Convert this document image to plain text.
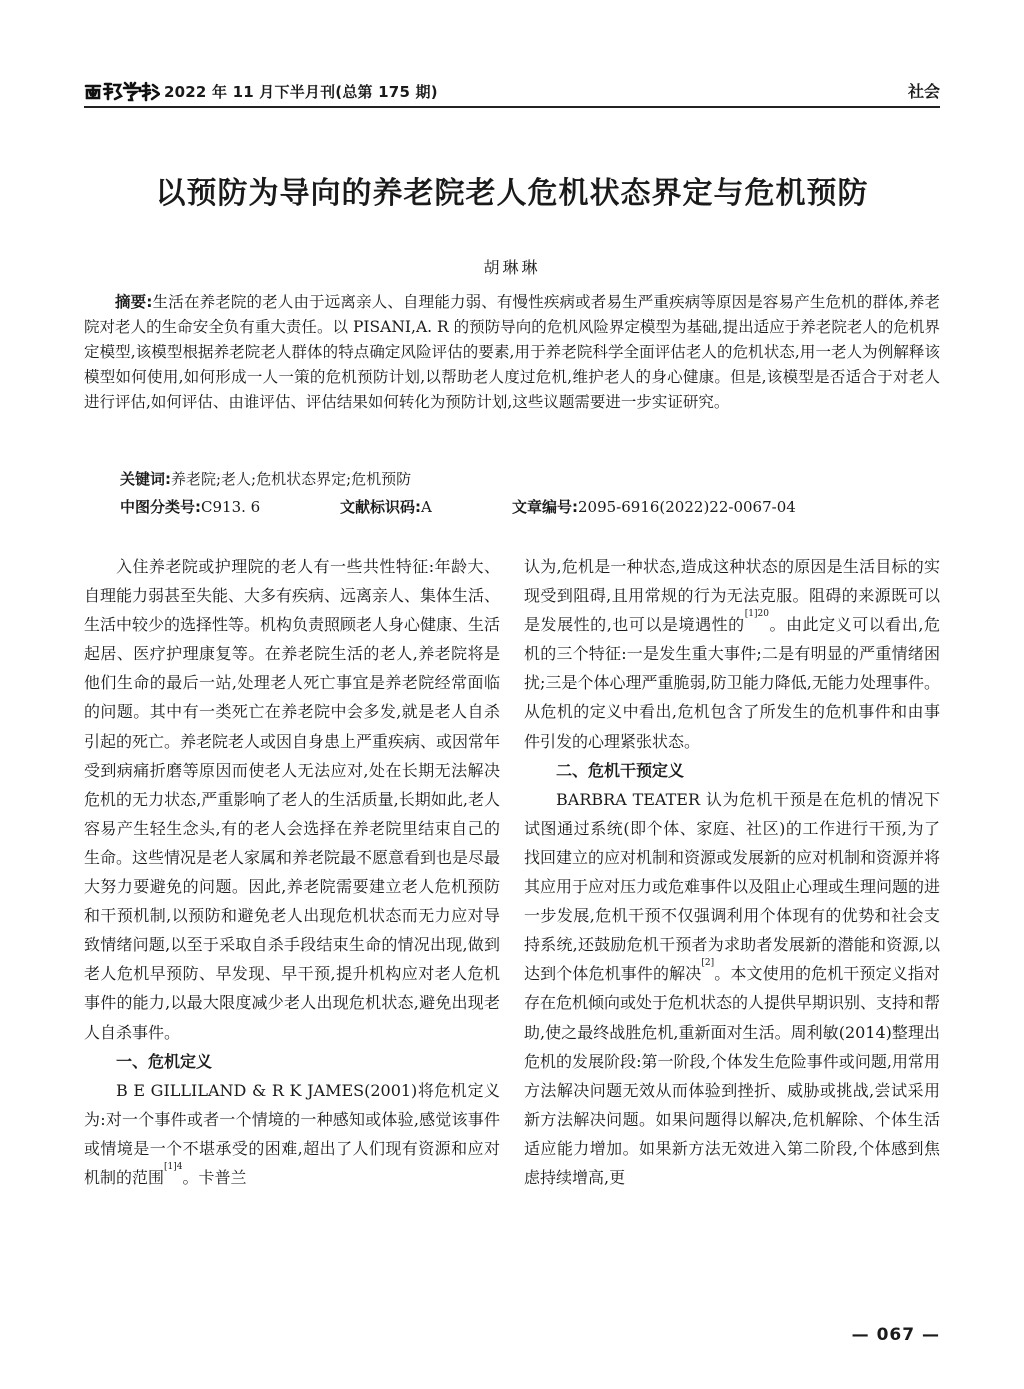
2022 年 11 月下半月刊(总第 175 期)	社会
以预防为导向的养老院老人危机状态界定与危机预防
胡琳琳

摘要:生活在养老院的老人由于远离亲人、自理能力弱、有慢性疾病或者易生严重疾病等原因是容易产生危机的群体,养老院对老人的生命安全负有重大责任。以 PISANI,A. R 的预防导向的危机风险界定模型为基础,提出适应于养老院老人的危机界定模型,该模型根据养老院老人群体的特点确定风险评估的要素,用于养老院科学全面评估老人的危机状态,用一老人为例解释该模型如何使用,如何形成一人一策的危机预防计划,以帮助老人度过危机,维护老人的身心健康。但是,该模型是否适合于对老人进行评估,如何评估、由谁评估、评估结果如何转化为预防计划,这些议题需要进一步实证研究。

关键词:养老院;老人;危机状态界定;危机预防
中图分类号:C913. 6	文献标识码:A	文章编号:2095-6916(2022)22-0067-04

入住养老院或护理院的老人有一些共性特征:年龄大、自理能力弱甚至失能、大多有疾病、远离亲人、集体生活、生活中较少的选择性等。机构负责照顾老人身心健康、生活起居、医疗护理康复等。在养老院生活的老人,养老院将是他们生命的最后一站,处理老人死亡事宜是养老院经常面临的问题。其中有一类死亡在养老院中会多发,就是老人自杀引起的死亡。养老院老人或因自身患上严重疾病、或因常年受到病痛折磨等原因而使老人无法应对,处在长期无法解决危机的无力状态,严重影响了老人的生活质量,长期如此,老人容易产生轻生念头,有的老人会选择在养老院里结束自己的生命。这些情况是老人家属和养老院最不愿意看到也是尽最大努力要避免的问题。因此,养老院需要建立老人危机预防和干预机制,以预防和避免老人出现危机状态而无力应对导致情绪问题,以至于采取自杀手段结束生命的情况出现,做到老人危机早预防、早发现、早干预,提升机构应对老人危机事件的能力,以最大限度减少老人出现危机状态,避免出现老人自杀事件。

一、危机定义

B E GILLILAND & R K JAMES(2001)将危机定义为:对一个事件或者一个情境的一种感知或体验,感觉该事件或情境是一个不堪承受的困难,超出了人们现有资源和应对机制的范围$^{[1]4}$。卡普兰

认为,危机是一种状态,造成这种状态的原因是生活目标的实现受到阻碍,且用常规的行为无法克服。阻碍的来源既可以是发展性的,也可以是境遇性的$^{[1]20}$。由此定义可以看出,危机的三个特征:一是发生重大事件;二是有明显的严重情绪困扰;三是个体心理严重脆弱,防卫能力降低,无能力处理事件。从危机的定义中看出,危机包含了所发生的危机事件和由事件引发的心理紧张状态。

二、危机干预定义

BARBRA TEATER 认为危机干预是在危机的情况下试图通过系统(即个体、家庭、社区)的工作进行干预,为了找回建立的应对机制和资源或发展新的应对机制和资源并将其应用于应对压力或危难事件以及阻止心理或生理问题的进一步发展,危机干预不仅强调利用个体现有的优势和社会支持系统,还鼓励危机干预者为求助者发展新的潜能和资源,以达到个体危机事件的解决[2]。本文使用的危机干预定义指对存在危机倾向或处于危机状态的人提供早期识别、支持和帮助,使之最终战胜危机,重新面对生活。周利敏(2014)整理出危机的发展阶段:第一阶段,个体发生危险事件或问题,用常用方法解决问题无效从而体验到挫折、威胁或挑战,尝试采用新方法解决问题。如果问题得以解决,危机解除、个体生活适应能力增加。如果新方法无效进入第二阶段,个体感到焦虑持续增高,更

— 067 —
